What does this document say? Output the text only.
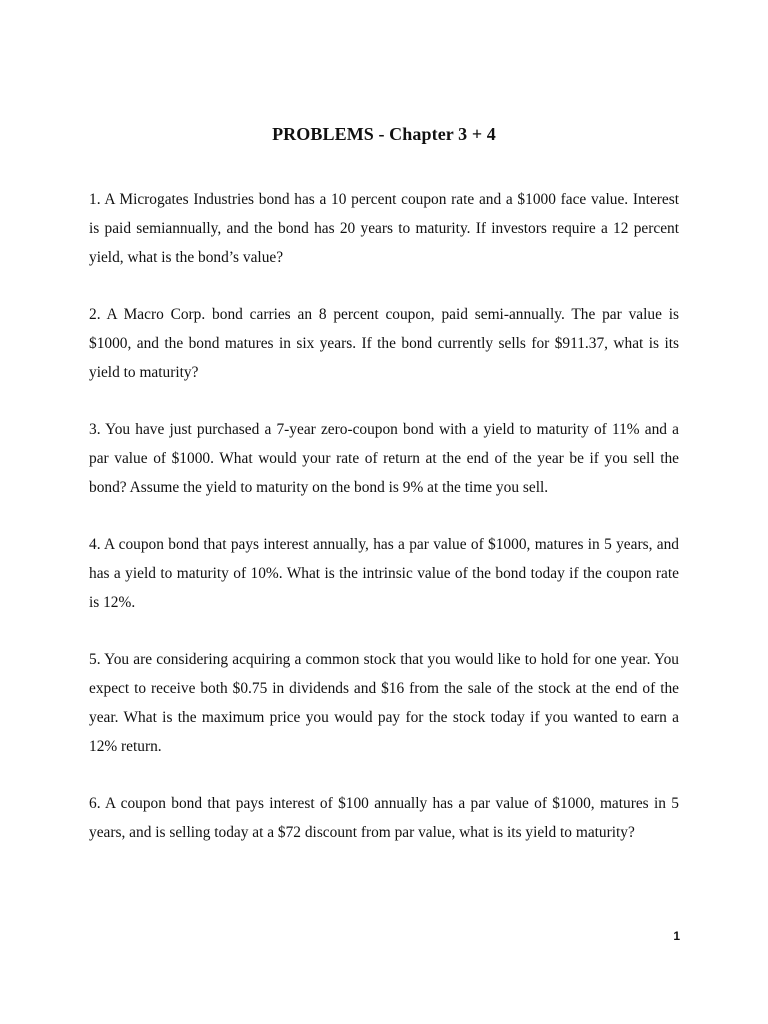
PROBLEMS - Chapter 3 + 4

1. A Microgates Industries bond has a 10 percent coupon rate and a $1000 face value. Interest is paid semiannually, and the bond has 20 years to maturity. If investors require a 12 percent yield, what is the bond’s value?

2. A Macro Corp. bond carries an 8 percent coupon, paid semi-annually. The par value is $1000, and the bond matures in six years. If the bond currently sells for $911.37, what is its yield to maturity?

3. You have just purchased a 7-year zero-coupon bond with a yield to maturity of 11% and a par value of $1000. What would your rate of return at the end of the year be if you sell the bond? Assume the yield to maturity on the bond is 9% at the time you sell.

4. A coupon bond that pays interest annually, has a par value of $1000, matures in 5 years, and has a yield to maturity of 10%. What is the intrinsic value of the bond today if the coupon rate is 12%.

5. You are considering acquiring a common stock that you would like to hold for one year. You expect to receive both $0.75 in dividends and $16 from the sale of the stock at the end of the year. What is the maximum price you would pay for the stock today if you wanted to earn a 12% return.

6. A coupon bond that pays interest of $100 annually has a par value of $1000, matures in 5 years, and is selling today at a $72 discount from par value, what is its yield to maturity?

1
